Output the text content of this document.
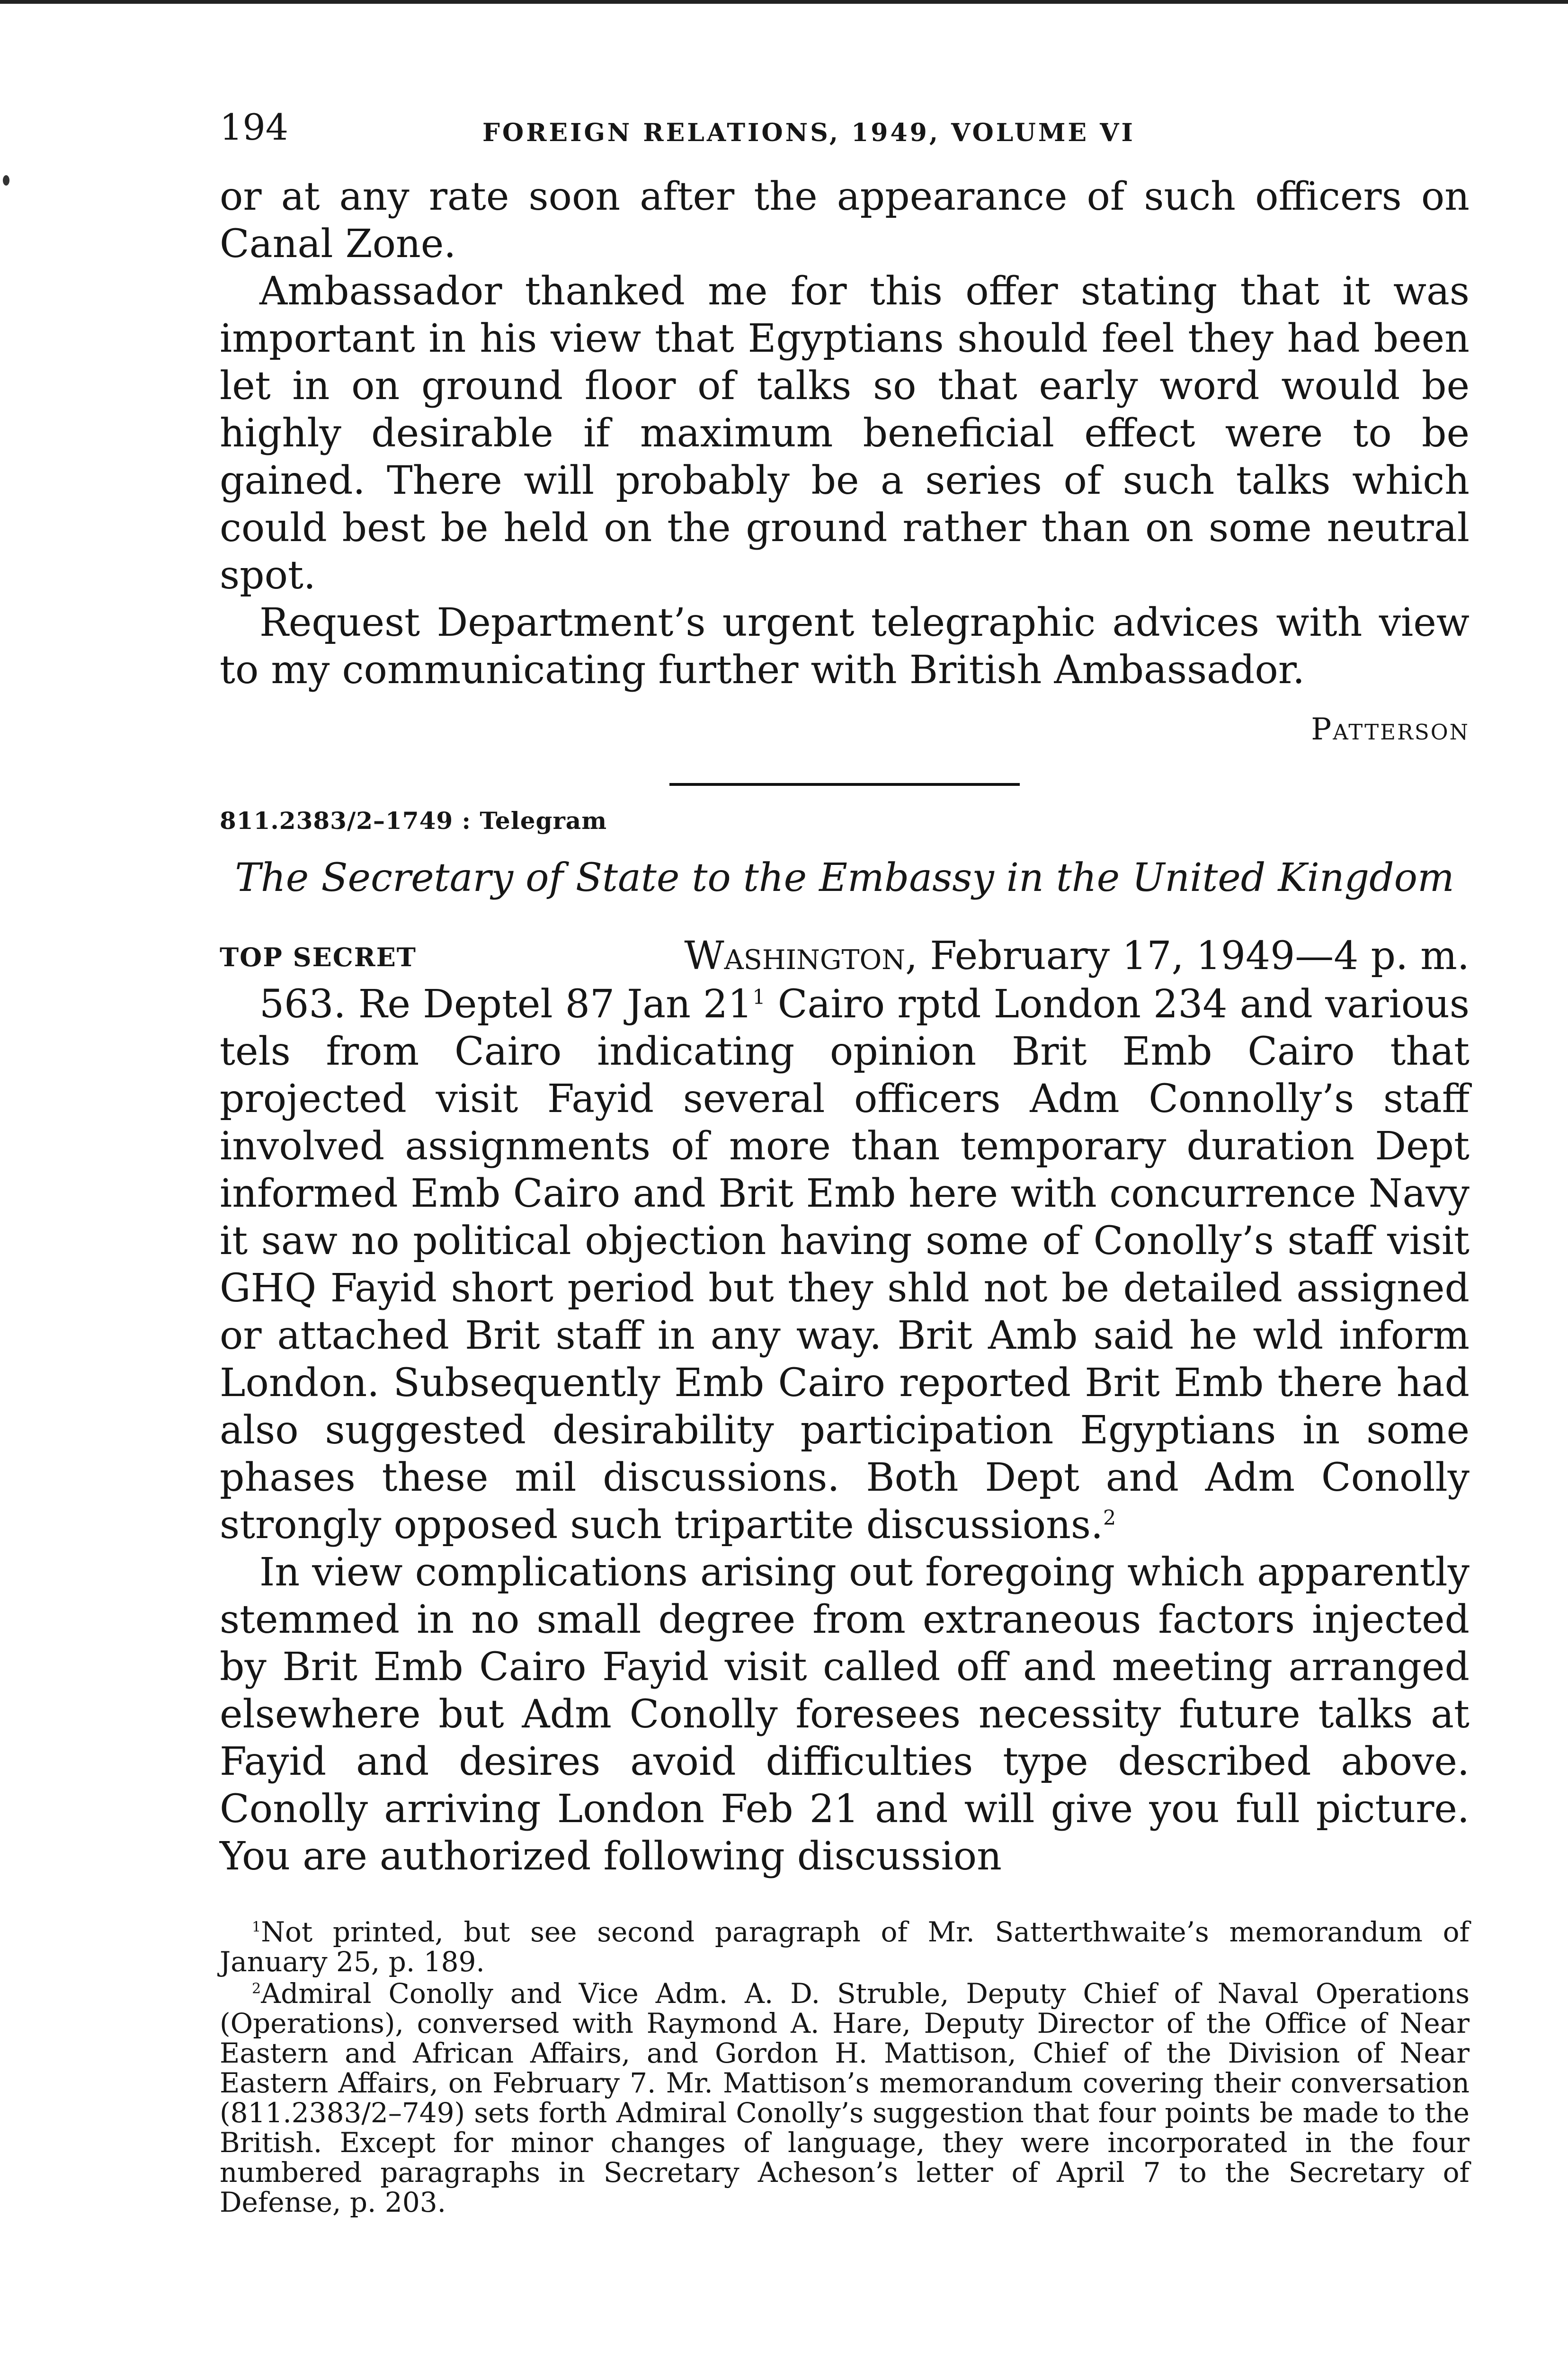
194	FOREIGN RELATIONS, 1949, VOLUME VI

or at any rate soon after the appearance of such officers on Canal Zone.

Ambassador thanked me for this offer stating that it was important in his view that Egyptians should feel they had been let in on ground floor of talks so that early word would be highly desirable if maximum beneficial effect were to be gained. There will probably be a series of such talks which could best be held on the ground rather than on some neutral spot.

Request Department’s urgent telegraphic advices with view to my communicating further with British Ambassador.

Patterson
811.2383/2–1749 : Telegram
The Secretary of State to the Embassy in the United Kingdom
TOP SECRET	Washington, February 17, 1949—4 p. m.

563. Re Deptel 87 Jan $21^1$ Cairo rptd London 234 and various tels from Cairo indicating opinion Brit Emb Cairo that projected visit Fayid several officers Adm Connolly’s staff involved assignments of more than temporary duration Dept informed Emb Cairo and Brit Emb here with concurrence Navy it saw no political objection having some of Conolly’s staff visit GHQ Fayid short period but they shld not be detailed assigned or attached Brit staff in any way. Brit Amb said he wld inform London. Subsequently Emb Cairo reported Brit Emb there had also suggested desirability participation Egyptians in some phases these mil discussions. Both Dept and Adm Conolly strongly opposed such tripartite discussions.$^2$

In view complications arising out foregoing which apparently stemmed in no small degree from extraneous factors injected by Brit Emb Cairo Fayid visit called off and meeting arranged elsewhere but Adm Conolly foresees necessity future talks at Fayid and desires avoid difficulties type described above. Conolly arriving London Feb 21 and will give you full picture. You are authorized following discussion

$^1$Not printed, but see second paragraph of Mr. Satterthwaite’s memorandum of January 25, p. 189.

$^2$Admiral Conolly and Vice Adm. A. D. Struble, Deputy Chief of Naval Operations (Operations), conversed with Raymond A. Hare, Deputy Director of the Office of Near Eastern and African Affairs, and Gordon H. Mattison, Chief of the Division of Near Eastern Affairs, on February 7. Mr. Mattison’s memorandum covering their conversation (811.2383/2–749) sets forth Admiral Conolly’s suggestion that four points be made to the British. Except for minor changes of language, they were incorporated in the four numbered paragraphs in Secretary Acheson’s letter of April 7 to the Secretary of Defense, p. 203.
